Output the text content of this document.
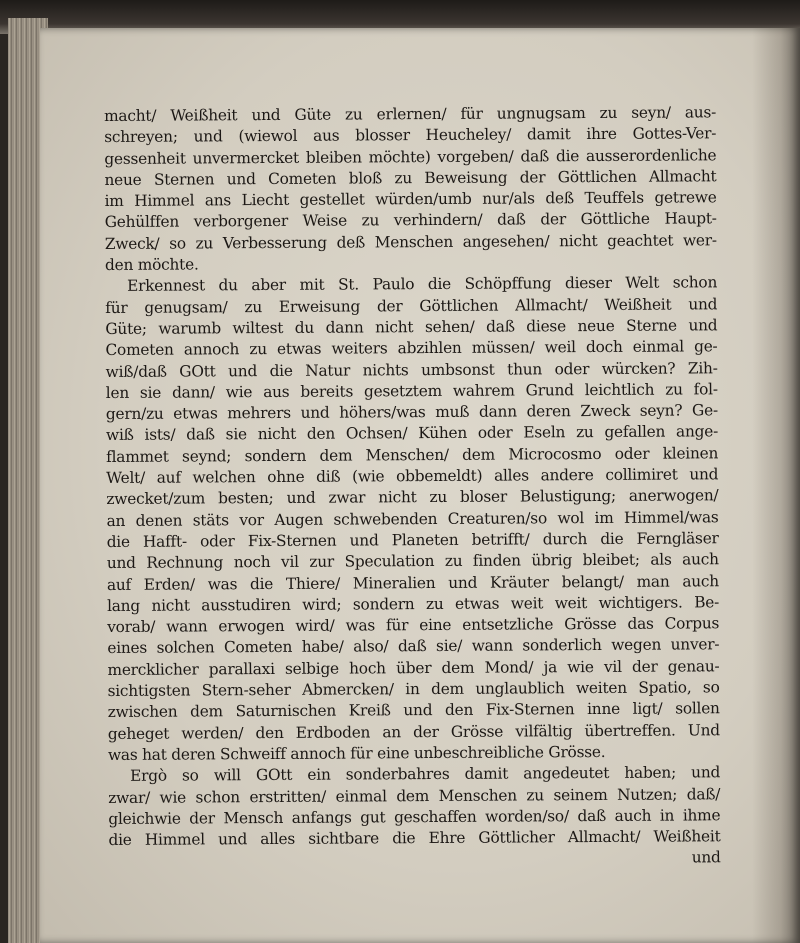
macht/ Weißheit und Güte zu erlernen/ für ungnugsam zu seyn/ aus-
schreyen; und (wiewol aus blosser Heucheley/ damit ihre Gottes-Ver-
gessenheit unvermercket bleiben möchte) vorgeben/ daß die ausserordenliche
neue Sternen und Cometen bloß zu Beweisung der Göttlichen Allmacht
im Himmel ans Liecht gestellet würden/umb nur/als deß Teuffels getrewe
Gehülffen verborgener Weise zu verhindern/ daß der Göttliche Haupt-
Zweck/ so zu Verbesserung deß Menschen angesehen/ nicht geachtet wer-
den möchte.
Erkennest du aber mit St. Paulo die Schöpffung dieser Welt schon
für genugsam/ zu Erweisung der Göttlichen Allmacht/ Weißheit und
Güte; warumb wiltest du dann nicht sehen/ daß diese neue Sterne und
Cometen annoch zu etwas weiters abzihlen müssen/ weil doch einmal ge-
wiß/daß GOtt und die Natur nichts umbsonst thun oder würcken? Zih-
len sie dann/ wie aus bereits gesetztem wahrem Grund leichtlich zu fol-
gern/zu etwas mehrers und höhers/was muß dann deren Zweck seyn? Ge-
wiß ists/ daß sie nicht den Ochsen/ Kühen oder Eseln zu gefallen ange-
flammet seynd; sondern dem Menschen/ dem Microcosmo oder kleinen
Welt/ auf welchen ohne diß (wie obbemeldt) alles andere collimiret und
zwecket/zum besten; und zwar nicht zu bloser Belustigung; anerwogen/
an denen stäts vor Augen schwebenden Creaturen/so wol im Himmel/was
die Hafft- oder Fix-Sternen und Planeten betrifft/ durch die Ferngläser
und Rechnung noch vil zur Speculation zu finden übrig bleibet; als auch
auf Erden/ was die Thiere/ Mineralien und Kräuter belangt/ man auch
lang nicht ausstudiren wird; sondern zu etwas weit weit wichtigers. Be-
vorab/ wann erwogen wird/ was für eine entsetzliche Grösse das Corpus
eines solchen Cometen habe/ also/ daß sie/ wann sonderlich wegen unver-
mercklicher parallaxi selbige hoch über dem Mond/ ja wie vil der genau-
sichtigsten Stern-seher Abmercken/ in dem unglaublich weiten Spatio, so
zwischen dem Saturnischen Kreiß und den Fix-Sternen inne ligt/ sollen
geheget werden/ den Erdboden an der Grösse vilfältig übertreffen. Und
was hat deren Schweiff annoch für eine unbeschreibliche Grösse.
Ergò so will GOtt ein sonderbahres damit angedeutet haben; und
zwar/ wie schon erstritten/ einmal dem Menschen zu seinem Nutzen; daß/
gleichwie der Mensch anfangs gut geschaffen worden/so/ daß auch in ihme
die Himmel und alles sichtbare die Ehre Göttlicher Allmacht/ Weißheit
und
